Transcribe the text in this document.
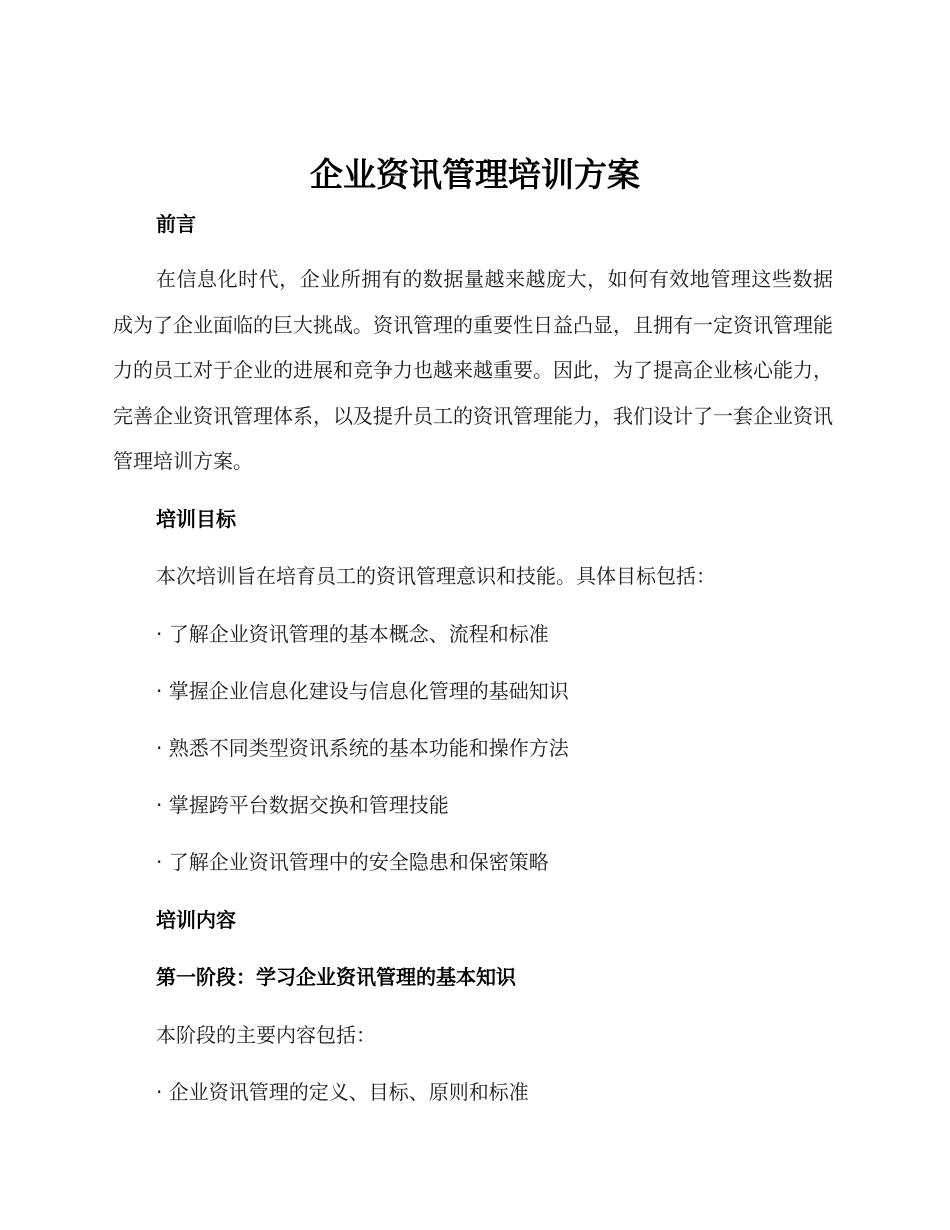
企业资讯管理培训方案
前言

在信息化时代，企业所拥有的数据量越来越庞大，如何有效地管理这些数据成为了企业面临的巨大挑战。资讯管理的重要性日益凸显，且拥有一定资讯管理能力的员工对于企业的进展和竞争力也越来越重要。因此，为了提高企业核心能力，完善企业资讯管理体系，以及提升员工的资讯管理能力，我们设计了一套企业资讯管理培训方案。

培训目标

本次培训旨在培育员工的资讯管理意识和技能。具体目标包括：

· 了解企业资讯管理的基本概念、流程和标准

· 掌握企业信息化建设与信息化管理的基础知识

· 熟悉不同类型资讯系统的基本功能和操作方法

· 掌握跨平台数据交换和管理技能

· 了解企业资讯管理中的安全隐患和保密策略

培训内容
第一阶段：学习企业资讯管理的基本知识

本阶段的主要内容包括：

· 企业资讯管理的定义、目标、原则和标准
